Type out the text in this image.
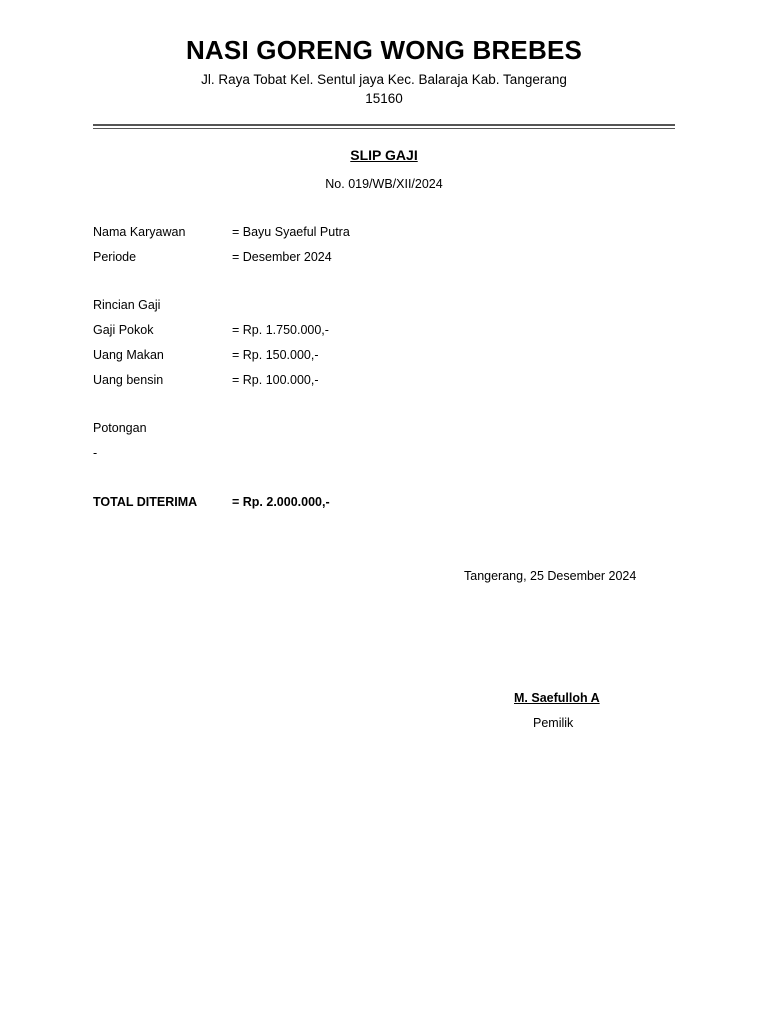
NASI GORENG WONG BREBES
Jl. Raya Tobat Kel. Sentul jaya Kec. Balaraja Kab. Tangerang 15160
SLIP GAJI
No. 019/WB/XII/2024
Nama Karyawan	= Bayu Syaeful Putra
Periode	= Desember 2024
Rincian Gaji
Gaji Pokok	= Rp. 1.750.000,-
Uang Makan	= Rp. 150.000,-
Uang bensin	= Rp. 100.000,-
Potongan
-
TOTAL DITERIMA	= Rp. 2.000.000,-
Tangerang, 25 Desember 2024
M. Saefulloh A
Pemilik
